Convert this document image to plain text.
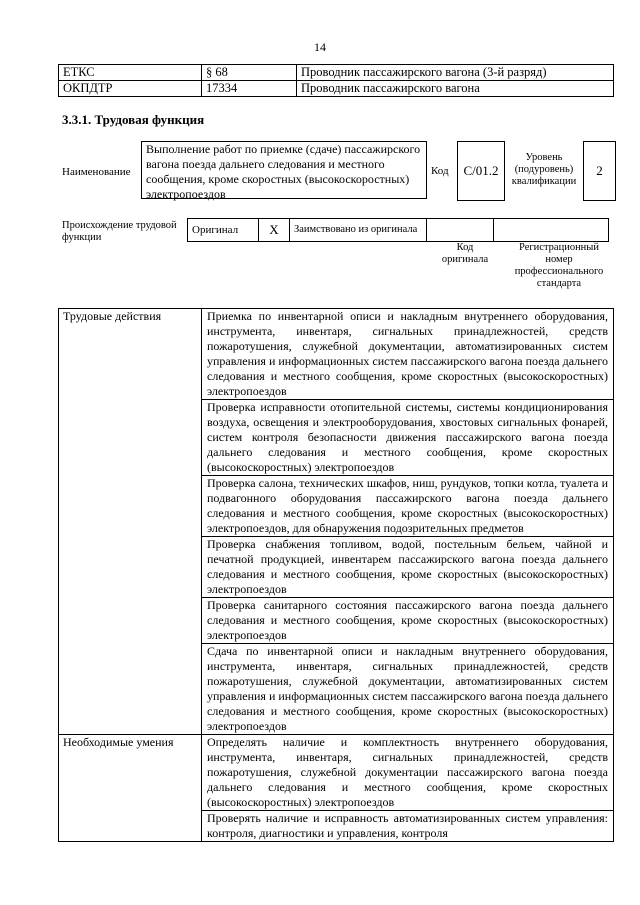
14
ЕТКС	§ 68	Проводник пассажирского вагона (3-й разряд)
ОКПДТР	17334	Проводник пассажирского вагона
3.3.1. Трудовая функция
Наименование
Выполнение работ по приемке (сдаче) пассажирского вагона поезда дальнего следования и местного сообщения, кроме скоростных (высокоскоростных) электропоездов
Код	C/01.2
Уровень (подуровень) квалификации
2
Происхождение трудовой функции
Оригинал	X	Заимствовано из оригинала		
Код оригинала
Регистрационный номер профессионального стандарта
Трудовые действия	Приемка по инвентарной описи и накладным внутреннего оборудования, инструмента, инвентаря, сигнальных принадлежностей, средств пожаротушения, служебной документации, автоматизированных систем управления и информационных систем пассажирского вагона поезда дальнего следования и местного сообщения, кроме скоростных (высокоскоростных) электропоездов
	Проверка исправности отопительной системы, системы кондиционирования воздуха, освещения и электрооборудования, хвостовых сигнальных фонарей, систем контроля безопасности движения пассажирского вагона поезда дальнего следования и местного сообщения, кроме скоростных (высокоскоростных) электропоездов
	Проверка салона, технических шкафов, ниш, рундуков, топки котла, туалета и подвагонного оборудования пассажирского вагона поезда дальнего следования и местного сообщения, кроме скоростных (высокоскоростных) электропоездов, для обнаружения подозрительных предметов
	Проверка снабжения топливом, водой, постельным бельем, чайной и печатной продукцией, инвентарем пассажирского вагона поезда дальнего следования и местного сообщения, кроме скоростных (высокоскоростных) электропоездов
	Проверка санитарного состояния пассажирского вагона поезда дальнего следования и местного сообщения, кроме скоростных (высокоскоростных) электропоездов
	Сдача по инвентарной описи и накладным внутреннего оборудования, инструмента, инвентаря, сигнальных принадлежностей, средств пожаротушения, служебной документации, автоматизированных систем управления и информационных систем пассажирского вагона поезда дальнего следования и местного сообщения, кроме скоростных (высокоскоростных) электропоездов
Необходимые умения	Определять наличие и комплектность внутреннего оборудования, инструмента, инвентаря, сигнальных принадлежностей, средств пожаротушения, служебной документации пассажирского вагона поезда дальнего следования и местного сообщения, кроме скоростных (высокоскоростных) электропоездов
	Проверять наличие и исправность автоматизированных систем управления: контроля, диагностики и управления, контроля
